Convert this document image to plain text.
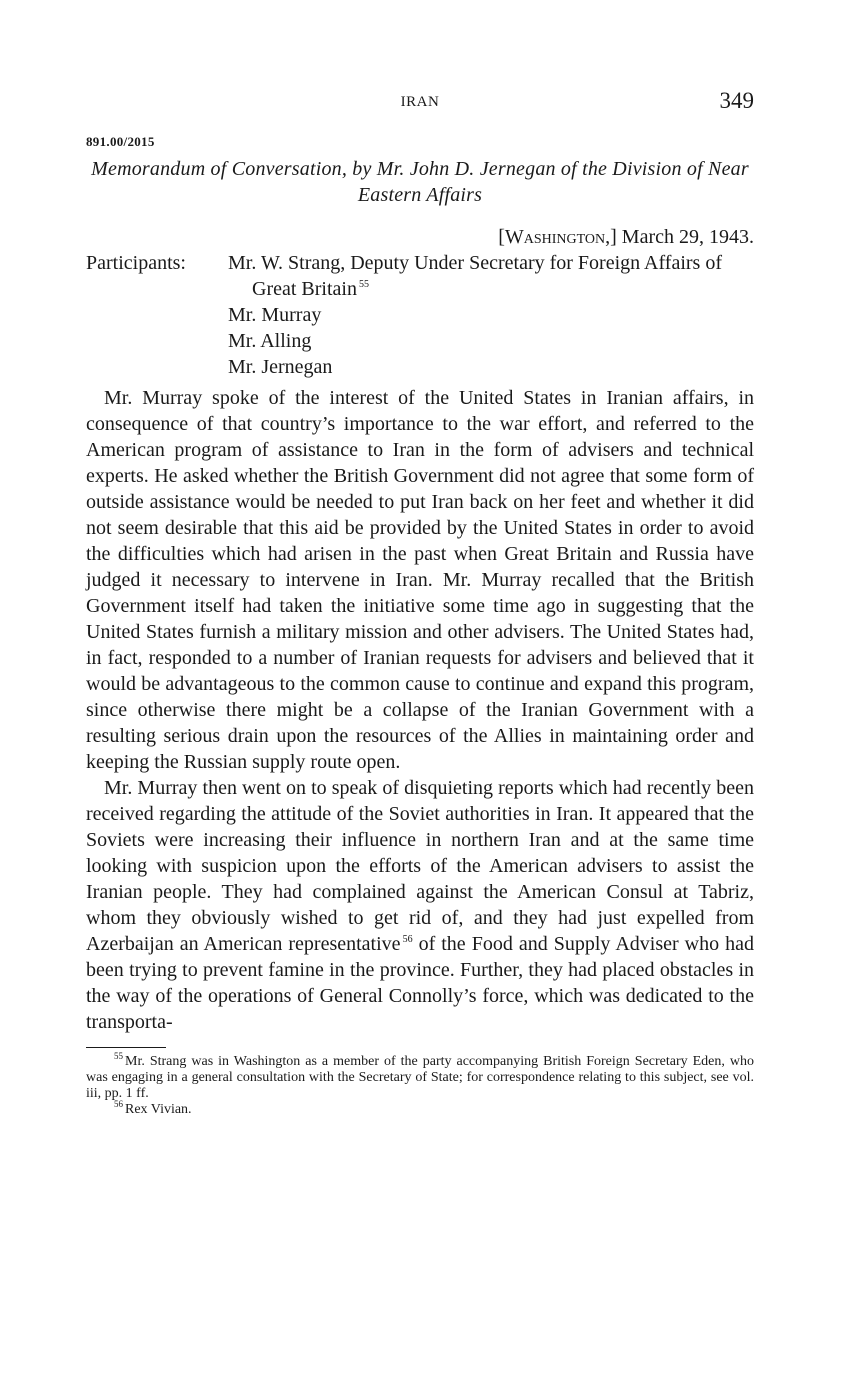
IRAN	349
891.00/2015
Memorandum of Conversation, by Mr. John D. Jernegan of the Division of Near Eastern Affairs
[Washington,] March 29, 1943.
Participants:	Mr. W. Strang, Deputy Under Secretary for Foreign Affairs of Great Britain $^{55}$
Mr. Murray
Mr. Alling
Mr. Jernegan

Mr. Murray spoke of the interest of the United States in Iranian affairs, in consequence of that country’s importance to the war effort, and referred to the American program of assistance to Iran in the form of advisers and technical experts. He asked whether the British Government did not agree that some form of outside assistance would be needed to put Iran back on her feet and whether it did not seem desirable that this aid be provided by the United States in order to avoid the difficulties which had arisen in the past when Great Britain and Russia have judged it necessary to intervene in Iran. Mr. Murray recalled that the British Government itself had taken the initiative some time ago in suggesting that the United States furnish a military mission and other advisers. The United States had, in fact, responded to a number of Iranian requests for advisers and believed that it would be advantageous to the common cause to continue and expand this program, since otherwise there might be a collapse of the Iranian Government with a resulting serious drain upon the resources of the Allies in maintaining order and keeping the Russian supply route open.

Mr. Murray then went on to speak of disquieting reports which had recently been received regarding the attitude of the Soviet authorities in Iran. It appeared that the Soviets were increasing their influence in northern Iran and at the same time looking with suspicion upon the efforts of the American advisers to assist the Iranian people. They had complained against the American Consul at Tabriz, whom they obviously wished to get rid of, and they had just expelled from Azerbaijan an American representative $^{56}$ of the Food and Supply Adviser who had been trying to prevent famine in the province. Further, they had placed obstacles in the way of the operations of General Connolly’s force, which was dedicated to the transporta-

$^{55}$ Mr. Strang was in Washington as a member of the party accompanying British Foreign Secretary Eden, who was engaging in a general consultation with the Secretary of State; for correspondence relating to this subject, see vol. iii, pp. 1 ff.

$^{56}$ Rex Vivian.
